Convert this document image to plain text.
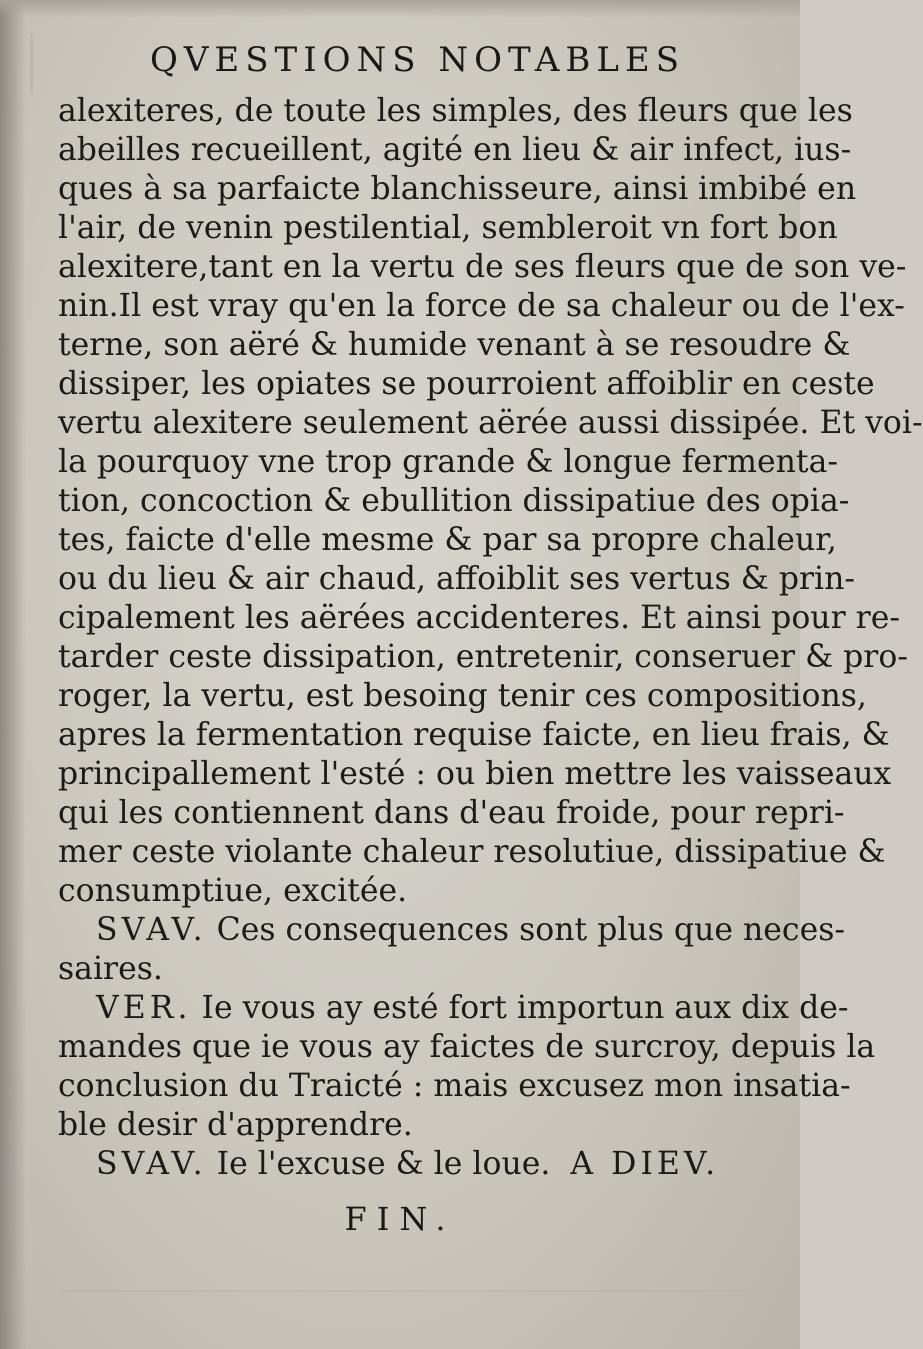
QVESTIONS NOTABLES
alexiteres, de toute les simples, des fleurs que les
abeilles recueillent, agité en lieu & air infect, ius-
ques à sa parfaicte blanchisseure, ainsi imbibé en
l'air, de venin pestilential, sembleroit vn fort bon
alexitere,tant en la vertu de ses fleurs que de son ve-
nin.Il est vray qu'en la force de sa chaleur ou de l'ex-
terne, son aëré & humide venant à se resoudre &
dissiper, les opiates se pourroient affoiblir en ceste
vertu alexitere seulement aërée aussi dissipée. Et voi-
la pourquoy vne trop grande & longue fermenta-
tion, concoction & ebullition dissipatiue des opia-
tes, faicte d'elle mesme & par sa propre chaleur,
ou du lieu & air chaud, affoiblit ses vertus & prin-
cipalement les aërées accidenteres. Et ainsi pour re-
tarder ceste dissipation, entretenir, conseruer & pro-
roger, la vertu, est besoing tenir ces compositions,
apres la fermentation requise faicte, en lieu frais, &
principallement l'esté : ou bien mettre les vaisseaux
qui les contiennent dans d'eau froide, pour repri-
mer ceste violante chaleur resolutiue, dissipatiue &
consumptiue, excitée.
SVAV. Ces consequences sont plus que neces-
saires.
VER. Ie vous ay esté fort importun aux dix de-
mandes que ie vous ay faictes de surcroy, depuis la
conclusion du Traicté : mais excusez mon insatia-
ble desir d'apprendre.
SVAV. Ie l'excuse & le loue. A DIEV.
FIN.
